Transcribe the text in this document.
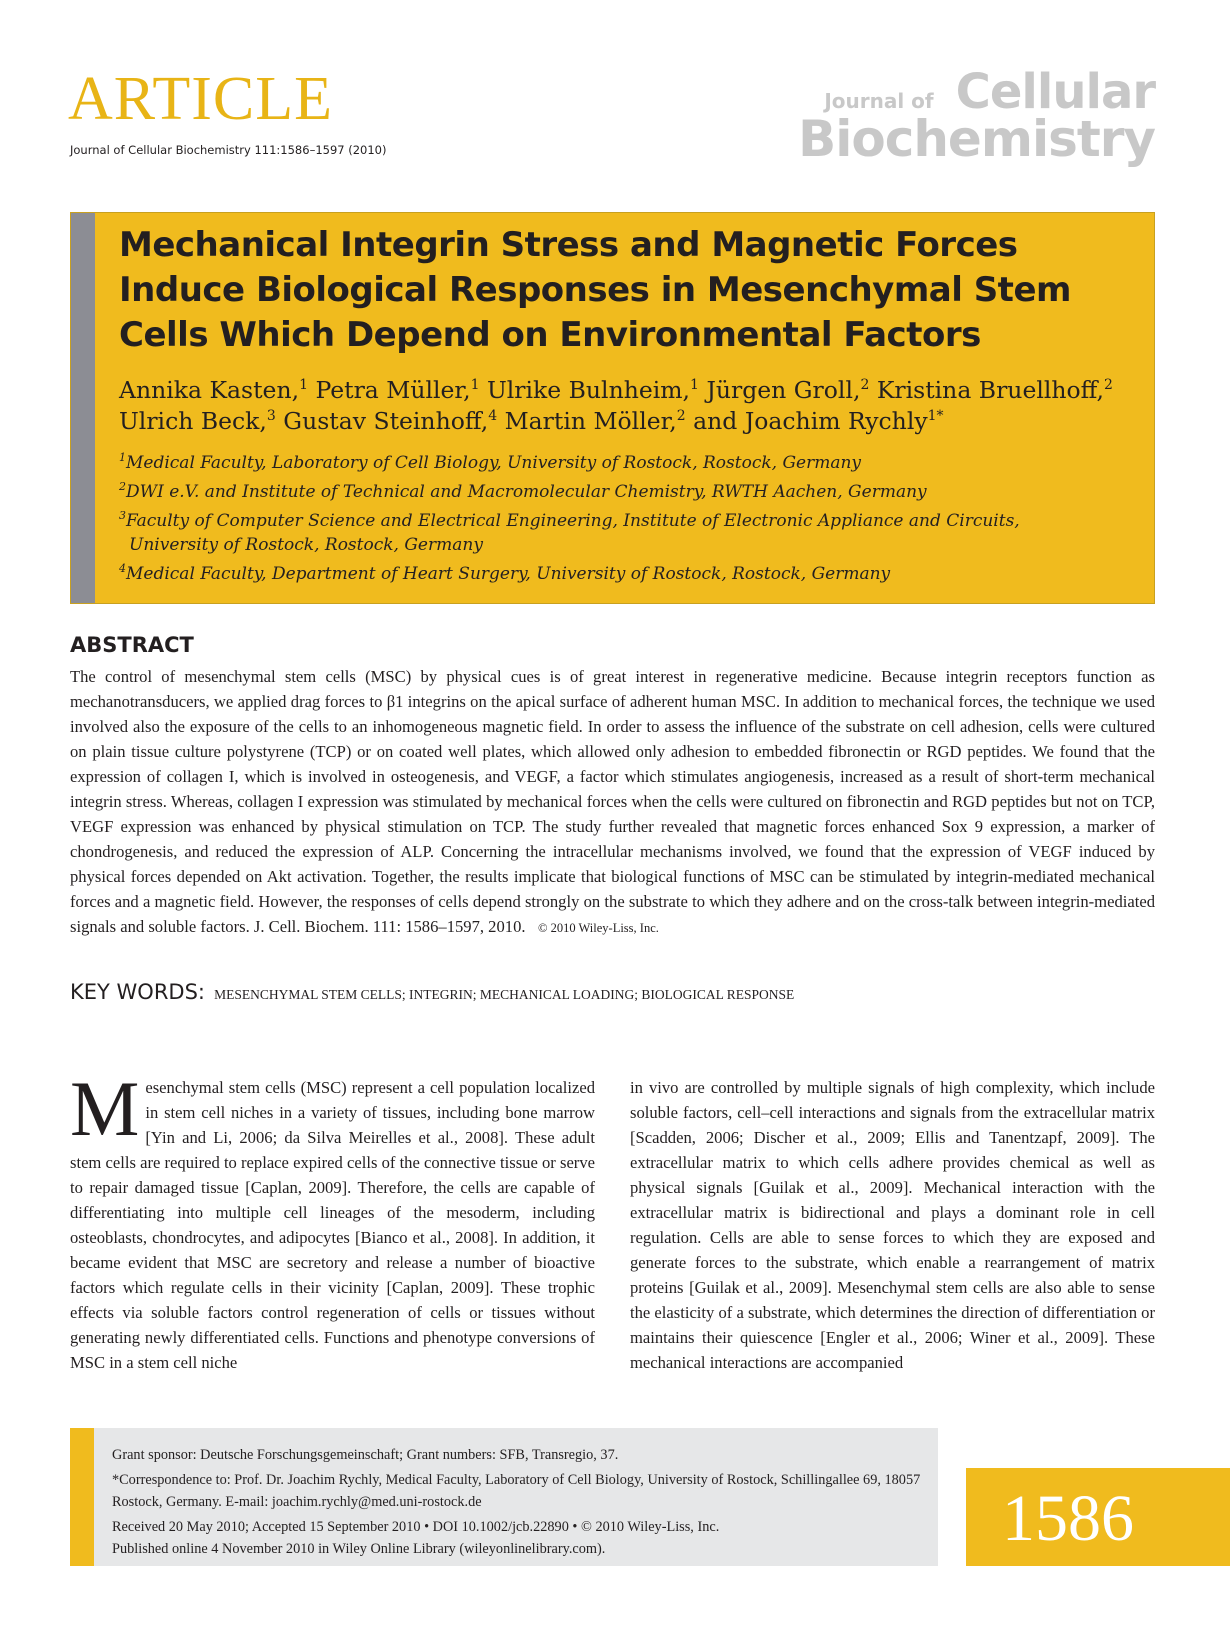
ARTICLE
Journal of Cellular Biochemistry 111:1586–1597 (2010)
Journal of Cellular
Biochemistry
Mechanical Integrin Stress and Magnetic Forces Induce Biological Responses in Mesenchymal Stem Cells Which Depend on Environmental Factors
Annika Kasten,$^1$ Petra Müller,$^1$ Ulrike Bulnheim,$^1$ Jürgen Groll,$^2$ Kristina Bruellhoff,$^2$
Ulrich Beck,$^3$ Gustav Steinhoff,$^4$ Martin Möller,$^2$ and Joachim Rychly$^{1*}$
$^1$Medical Faculty, Laboratory of Cell Biology, University of Rostock, Rostock, Germany
$^2$DWI e.V. and Institute of Technical and Macromolecular Chemistry, RWTH Aachen, Germany
$^3$Faculty of Computer Science and Electrical Engineering, Institute of Electronic Appliance and Circuits,
University of Rostock, Rostock, Germany
$^4$Medical Faculty, Department of Heart Surgery, University of Rostock, Rostock, Germany
ABSTRACT

The control of mesenchymal stem cells (MSC) by physical cues is of great interest in regenerative medicine. Because integrin receptors function as mechanotransducers, we applied drag forces to β1 integrins on the apical surface of adherent human MSC. In addition to mechanical forces, the technique we used involved also the exposure of the cells to an inhomogeneous magnetic field. In order to assess the influence of the substrate on cell adhesion, cells were cultured on plain tissue culture polystyrene (TCP) or on coated well plates, which allowed only adhesion to embedded fibronectin or RGD peptides. We found that the expression of collagen I, which is involved in osteogenesis, and VEGF, a factor which stimulates angiogenesis, increased as a result of short-term mechanical integrin stress. Whereas, collagen I expression was stimulated by mechanical forces when the cells were cultured on fibronectin and RGD peptides but not on TCP, VEGF expression was enhanced by physical stimulation on TCP. The study further revealed that magnetic forces enhanced Sox 9 expression, a marker of chondrogenesis, and reduced the expression of ALP. Concerning the intracellular mechanisms involved, we found that the expression of VEGF induced by physical forces depended on Akt activation. Together, the results implicate that biological functions of MSC can be stimulated by integrin-mediated mechanical forces and a magnetic field. However, the responses of cells depend strongly on the substrate to which they adhere and on the cross-talk between integrin-mediated signals and soluble factors. J. Cell. Biochem. 111: 1586–1597, 2010. © 2010 Wiley-Liss, Inc.

KEY WORDS: MESENCHYMAL STEM CELLS; INTEGRIN; MECHANICAL LOADING; BIOLOGICAL RESPONSE
Mesenchymal stem cells (MSC) represent a cell population localized in stem cell niches in a variety of tissues, including bone marrow [Yin and Li, 2006; da Silva Meirelles et al., 2008]. These adult stem cells are required to replace expired cells of the connective tissue or serve to repair damaged tissue [Caplan, 2009]. Therefore, the cells are capable of differentiating into multiple cell lineages of the mesoderm, including osteoblasts, chondrocytes, and adipocytes [Bianco et al., 2008]. In addition, it became evident that MSC are secretory and release a number of bioactive factors which regulate cells in their vicinity [Caplan, 2009]. These trophic effects via soluble factors control regeneration of cells or tissues without generating newly differentiated cells. Functions and phenotype conversions of MSC in a stem cell niche
in vivo are controlled by multiple signals of high complexity, which include soluble factors, cell–cell interactions and signals from the extracellular matrix [Scadden, 2006; Discher et al., 2009; Ellis and Tanentzapf, 2009]. The extracellular matrix to which cells adhere provides chemical as well as physical signals [Guilak et al., 2009]. Mechanical interaction with the extracellular matrix is bidirectional and plays a dominant role in cell regulation. Cells are able to sense forces to which they are exposed and generate forces to the substrate, which enable a rearrangement of matrix proteins [Guilak et al., 2009]. Mesenchymal stem cells are also able to sense the elasticity of a substrate, which determines the direction of differentiation or maintains their quiescence [Engler et al., 2006; Winer et al., 2009]. These mechanical interactions are accompanied

Grant sponsor: Deutsche Forschungsgemeinschaft; Grant numbers: SFB, Transregio, 37.

*Correspondence to: Prof. Dr. Joachim Rychly, Medical Faculty, Laboratory of Cell Biology, University of Rostock, Schillingallee 69, 18057 Rostock, Germany. E-mail: joachim.rychly@med.uni-rostock.de

Received 20 May 2010; Accepted 15 September 2010 • DOI 10.1002/jcb.22890 • © 2010 Wiley-Liss, Inc.

Published online 4 November 2010 in Wiley Online Library (wileyonlinelibrary.com).	1586
